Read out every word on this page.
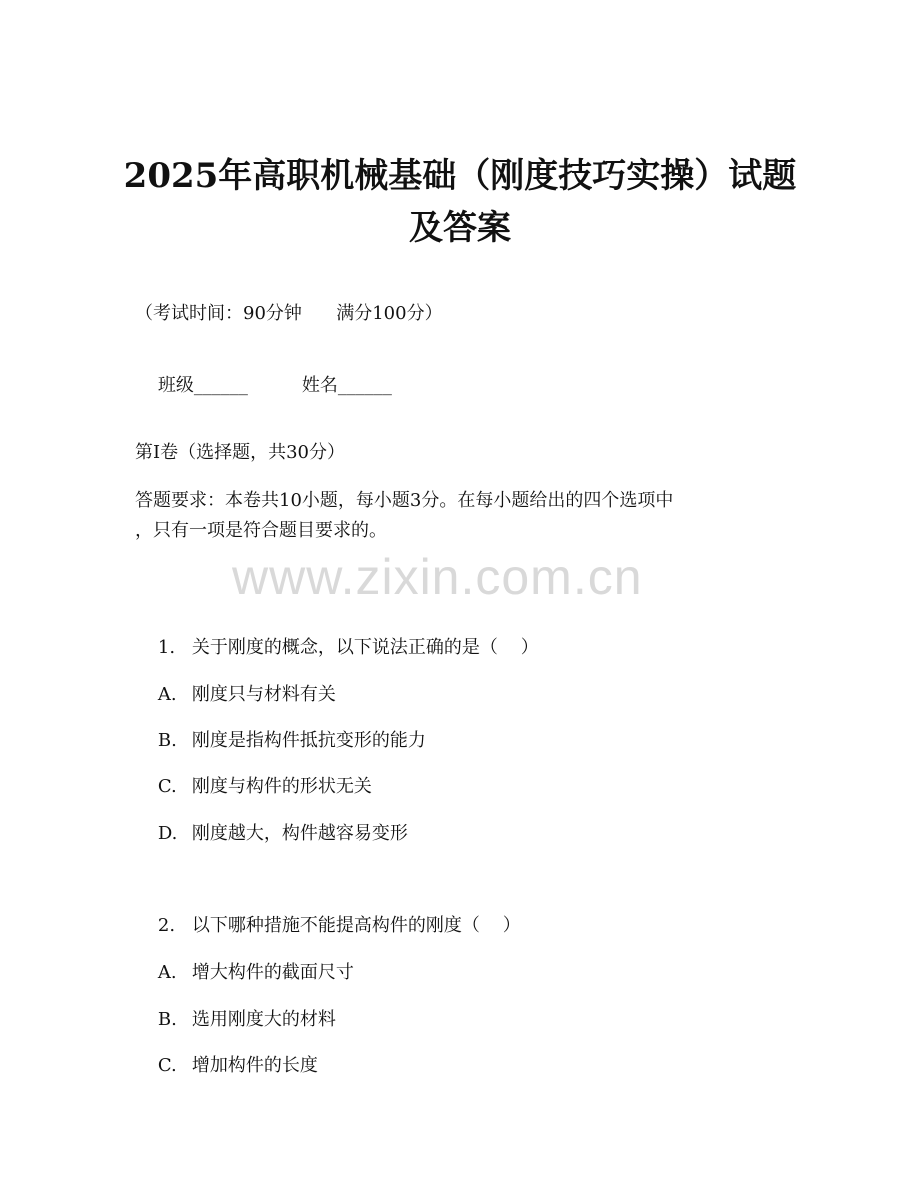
2025年高职机械基础（刚度技巧实操）试题
及答案
（考试时间：90分钟      满分100分）

班级______	姓名______

第I卷（选择题，共30分）
答题要求：本卷共10小题，每小题3分。在每小题给出的四个选项中
，只有一项是符合题目要求的。
www.zixin.com.cn

1. 关于刚度的概念，以下说法正确的是（    ）

A. 刚度只与材料有关

B. 刚度是指构件抵抗变形的能力

C. 刚度与构件的形状无关

D. 刚度越大，构件越容易变形

2. 以下哪种措施不能提高构件的刚度（    ）

A. 增大构件的截面尺寸

B. 选用刚度大的材料

C. 增加构件的长度
